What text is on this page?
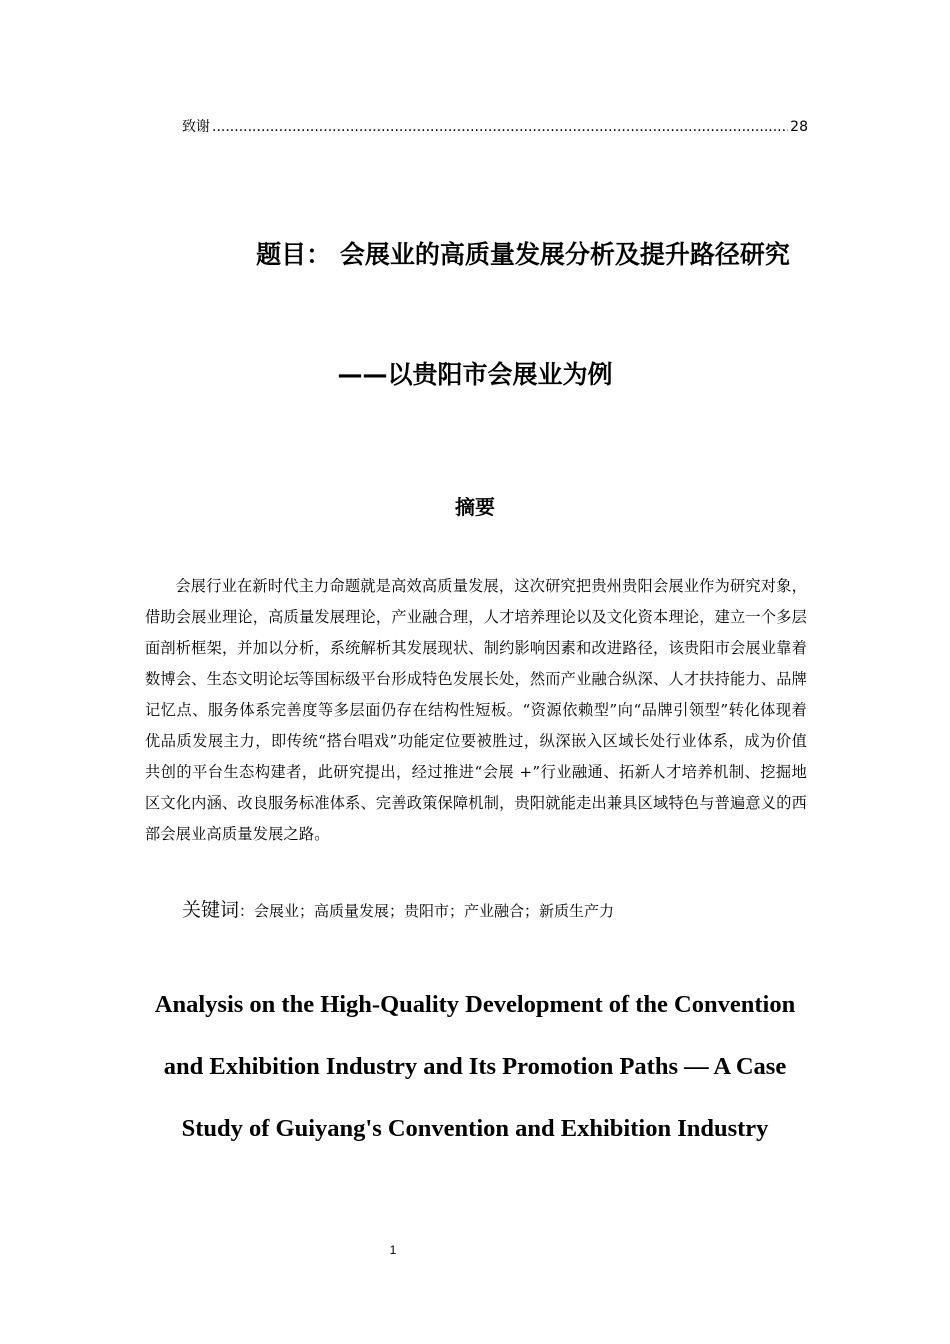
致谢
.....	28
题目： 会展业的高质量发展分析及提升路径研究
——以贵阳市会展业为例
摘要
会展行业在新时代主力命题就是高效高质量发展，这次研究把贵州贵阳会展业作为研究对象，借助会展业理论，高质量发展理论，产业融合理，人才培养理论以及文化资本理论，建立一个多层面剖析框架，并加以分析，系统解析其发展现状、制约影响因素和改进路径，该贵阳市会展业靠着数博会、生态文明论坛等国标级平台形成特色发展长处，然而产业融合纵深、人才扶持能力、品牌记忆点、服务体系完善度等多层面仍存在结构性短板。“资源依赖型”向“品牌引领型”转化体现着优品质发展主力，即传统“搭台唱戏”功能定位要被胜过，纵深嵌入区域长处行业体系，成为价值共创的平台生态构建者，此研究提出，经过推进“会展 +”行业融通、拓新人才培养机制、挖掘地区文化内涵、改良服务标准体系、完善政策保障机制，贵阳就能走出兼具区域特色与普遍意义的西部会展业高质量发展之路。
关键词：会展业；高质量发展；贵阳市；产业融合；新质生产力
Analysis on the High-Quality Development of the Convention and Exhibition Industry and Its Promotion Paths — A Case Study of Guiyang's Convention and Exhibition Industry
1
